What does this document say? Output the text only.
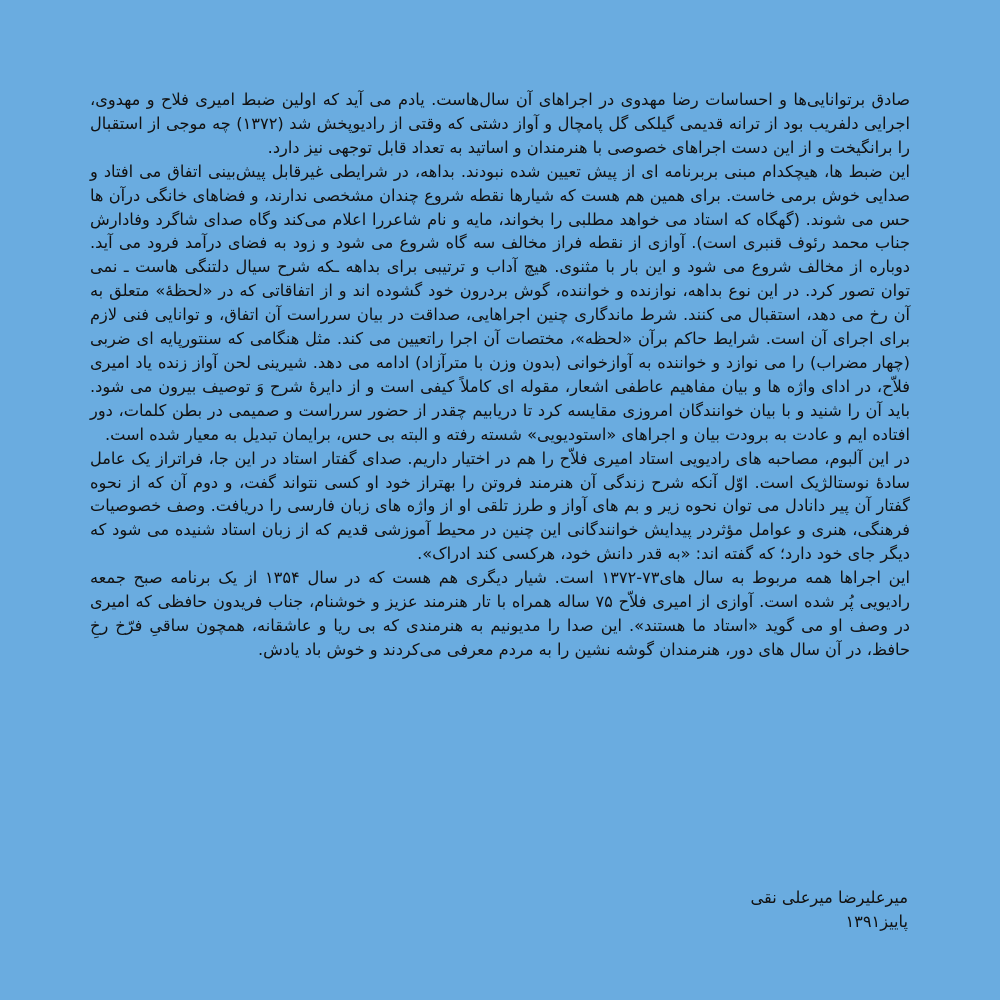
صادق برتوانایی‌ها و احساسات رضا مهدوی در اجراهای آن سال‌هاست. یادم می آید که اولین ضبط امیری فلاح و مهدوی، اجرایی دلفریب بود از ترانه قدیمی گیلکی گل پامچال و آواز دشتی که وقتی از رادیوپخش شد (۱۳۷۲) چه موجی از استقبال را برانگیخت و از این دست اجراهای خصوصی با هنرمندان و اساتید به تعداد قابل توجهی نیز دارد.

این ضبط ها، هیچکدام مبنی بربرنامه ای از پیش تعیین شده نبودند. بداهه، در شرایطی غیرقابل پیش‌بینی اتفاق می افتاد و صدایی خوش برمی خاست. برای همین هم هست که شیارها نقطه شروع چندان مشخصی ندارند، و فضاهای خانگی درآن ها حس می شوند. (گهگاه که استاد می خواهد مطلبی را بخواند، مایه و نام شاعررا اعلام می‌کند وگاه صدای شاگرد وفادارش جناب محمد رئوف قنبری است). آوازی از نقطه فراز مخالف سه گاه شروع می شود و زود به فضای درآمد فرود می آید. دوباره از مخالف شروع می شود و این بار با مثنوی. هیچ آداب و ترتیبی برای بداهه ـکه شرح سیال دلتنگی هاست ـ نمی توان تصور کرد. در این نوع بداهه، نوازنده و خواننده، گوش بردرون خود گشوده اند و از اتفاقاتی که در «لحظهٔ» متعلق به آن رخ می دهد، استقبال می کنند. شرط ماندگاری چنین اجراهایی، صداقت در بیان سرراست آن اتفاق، و توانایی فنی لازم برای اجرای آن است. شرایط حاکم برآن «لحظه»، مختصات آن اجرا راتعیین می کند. مثل هنگامی که سنتورپایه ای ضربی (چهار مضراب) را می نوازد و خواننده به آوازخوانی (بدون وزن با مترآزاد) ادامه می دهد. شیرینی لحن آواز زنده یاد امیری فلاّح، در ادای واژه ها و بیان مفاهیم عاطفی اشعار، مقوله ای کاملاً کیفی است و از دایرهٔ شرح وَ توصیف بیرون می شود. باید آن را شنید و با بیان خوانندگان امروزی مقایسه کرد تا دریابیم چقدر از حضور سرراست و صمیمی در بطن کلمات، دور افتاده ایم و عادت به برودت بیان و اجراهای «استودیویی» شسته رفته و البته بی حس، برایمان تبدیل به معیار شده است.

در این آلبوم، مصاحبه های رادیویی استاد امیری فلاّح را هم در اختیار داریم. صدای گفتار استاد در این جا، فراتراز یک عامل سادهٔ نوستالژیک است. اوّل آنکه شرح زندگی آن هنرمند فروتن را بهتراز خود او کسی نتواند گفت، و دوم آن که از نحوه گفتار آن پیر دانادل می توان نحوه زیر و بم های آواز و طرز تلقی او از واژه های زبان فارسی را دریافت. وصف خصوصیات فرهنگی، هنری و عوامل مؤثردر پیدایش خوانندگانی این چنین در محیط آموزشی قدیم که از زبان استاد شنیده می شود که دیگر جای خود دارد؛ که گفته اند: «به قدر دانش خود، هرکسی کند ادراک».

این اجراها همه مربوط به سال های۷۳-۱۳۷۲ است. شیار دیگری هم هست که در سال ۱۳۵۴ از یک برنامه صبح جمعه رادیویی پُر شده است. آوازی از امیری فلاّح ۷۵ ساله همراه با تار هنرمند عزیز و خوشنام، جناب فریدون حافظی که امیری در وصف او می گوید «استاد ما هستند». این صدا را مدیونیم به هنرمندی که بی ریا و عاشقانه، همچون ساقیِ فرّخ رخِ حافظ، در آن سال های دور، هنرمندان گوشه نشین را به مردم معرفی می‌کردند و خوش باد یادش.

میرعلیرضا میرعلی نقی
پاییز۱۳۹۱
